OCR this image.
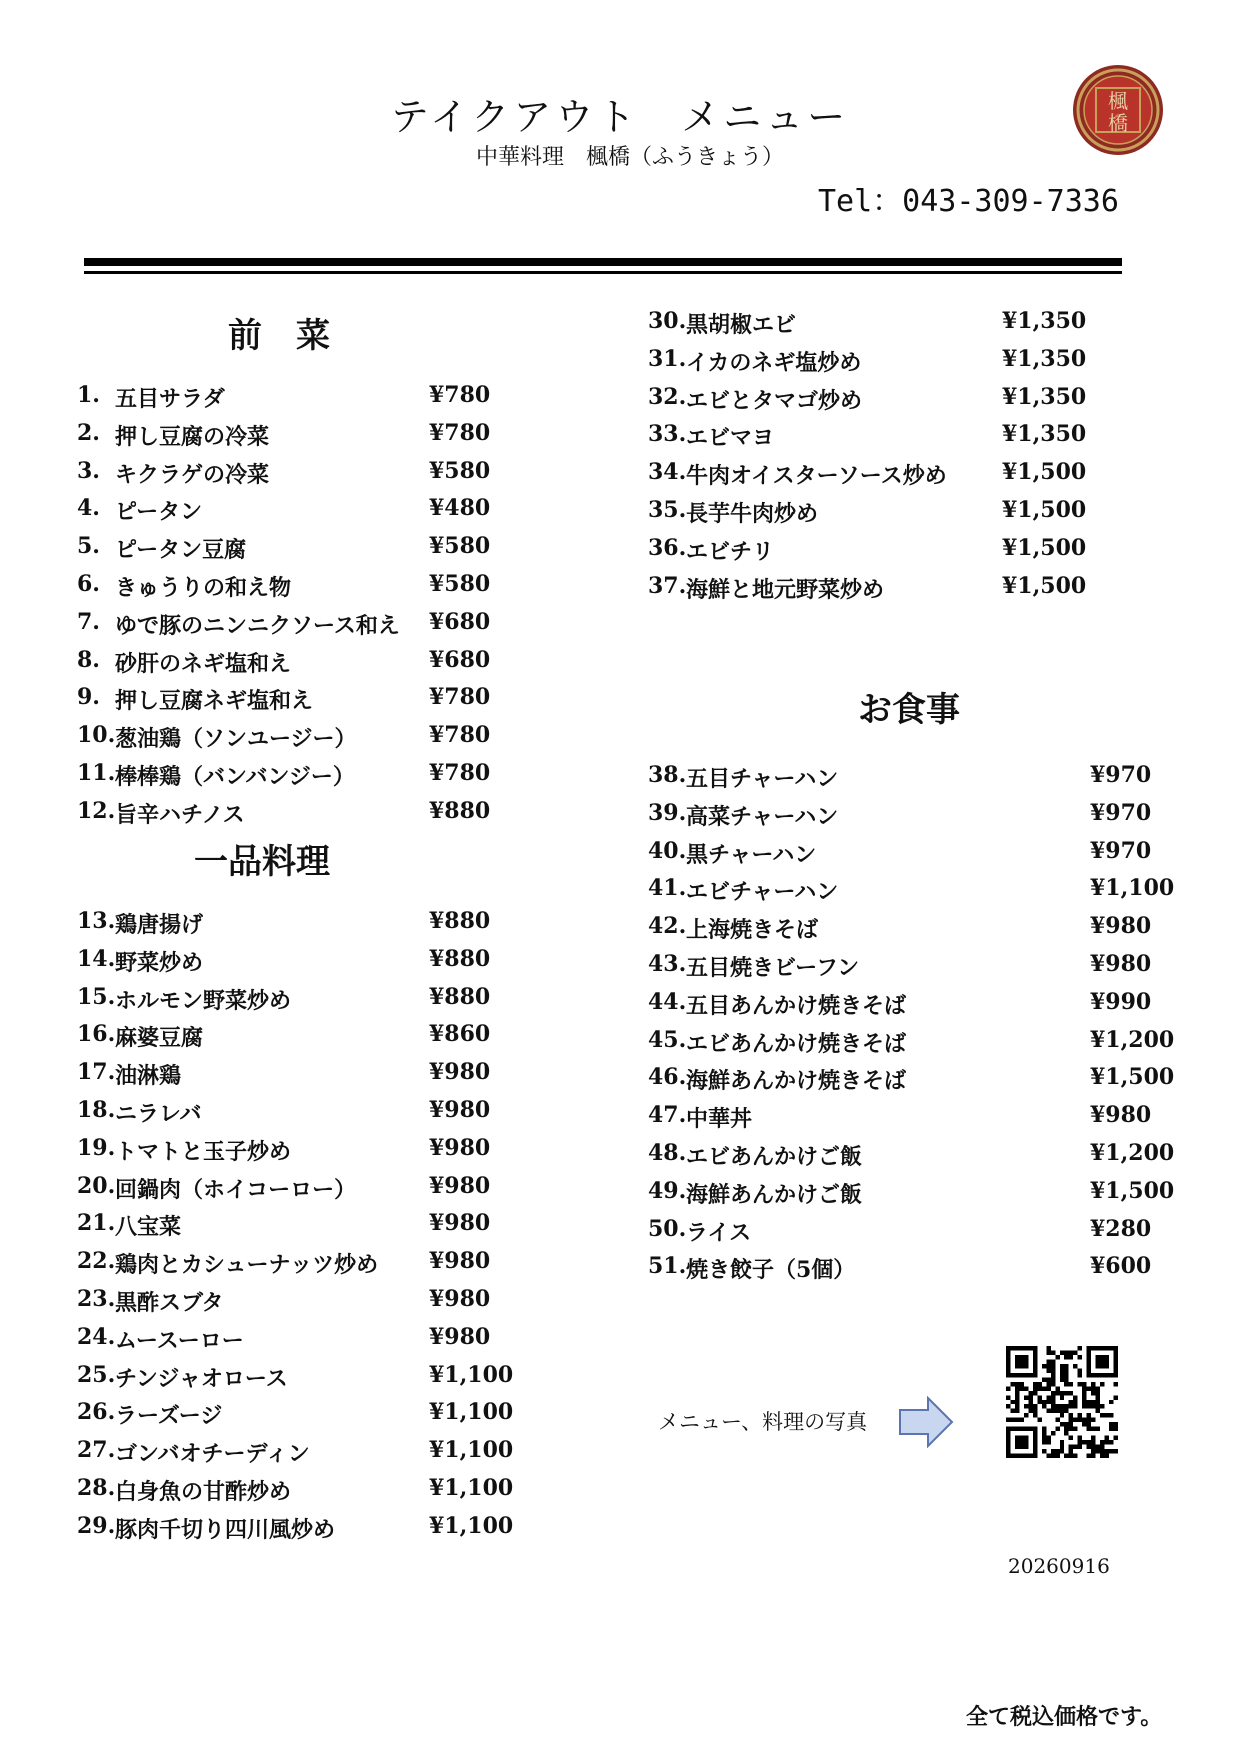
テイクアウト　メニュー
中華料理　楓橋（ふうきょう）
Tel：043-309-7336
楓
橋
前　菜
一品料理
お食事
1. 五目サラダ	¥780
2. 押し豆腐の冷菜	¥780
3. キクラゲの冷菜	¥580
4. ピータン	¥480
5. ピータン豆腐	¥580
6. きゅうりの和え物	¥580
7. ゆで豚のニンニクソース和え ¥680
8. 砂肝のネギ塩和え	¥680
9. 押し豆腐ネギ塩和え	¥780
10. 葱油鶏（ソンユージー）	¥780
11. 棒棒鶏（バンバンジー）	¥780
12. 旨辛ハチノス	¥880
13. 鶏唐揚げ	¥880
14. 野菜炒め	¥880
15. ホルモン野菜炒め	¥880
16. 麻婆豆腐	¥860
17. 油淋鶏	¥980
18. ニラレバ	¥980
19. トマトと玉子炒め	¥980
20. 回鍋肉（ホイコーロー）	¥980
21. 八宝菜	¥980
22. 鶏肉とカシューナッツ炒め ¥980
23. 黒酢スブタ	¥980
24. ムースーロー	¥980
25. チンジャオロース	¥1,100
26. ラーズージ	¥1,100
27. ゴンバオチーディン	¥1,100
28. 白身魚の甘酢炒め	¥1,100
29. 豚肉千切り四川風炒め	¥1,100
30. 黒胡椒エビ	¥1,350
31. イカのネギ塩炒め	¥1,350
32. エビとタマゴ炒め	¥1,350
33. エビマヨ	¥1,350
34. 牛肉オイスターソース炒め	¥1,500
35. 長芋牛肉炒め	¥1,500
36. エビチリ	¥1,500
37. 海鮮と地元野菜炒め	¥1,500
38. 五目チャーハン	¥970
39. 高菜チャーハン	¥970
40. 黒チャーハン	¥970
41. エビチャーハン	¥1,100
42. 上海焼きそば	¥980
43. 五目焼きビーフン	¥980
44. 五目あんかけ焼きそば	¥990
45. エビあんかけ焼きそば	¥1,200
46. 海鮮あんかけ焼きそば	¥1,500
47. 中華丼	¥980
48. エビあんかけご飯	¥1,200
49. 海鮮あんかけご飯	¥1,500
50. ライス	¥280
51. 焼き餃子（5個）	¥600
メニュー、料理の写真
20260916
全て税込価格です。
